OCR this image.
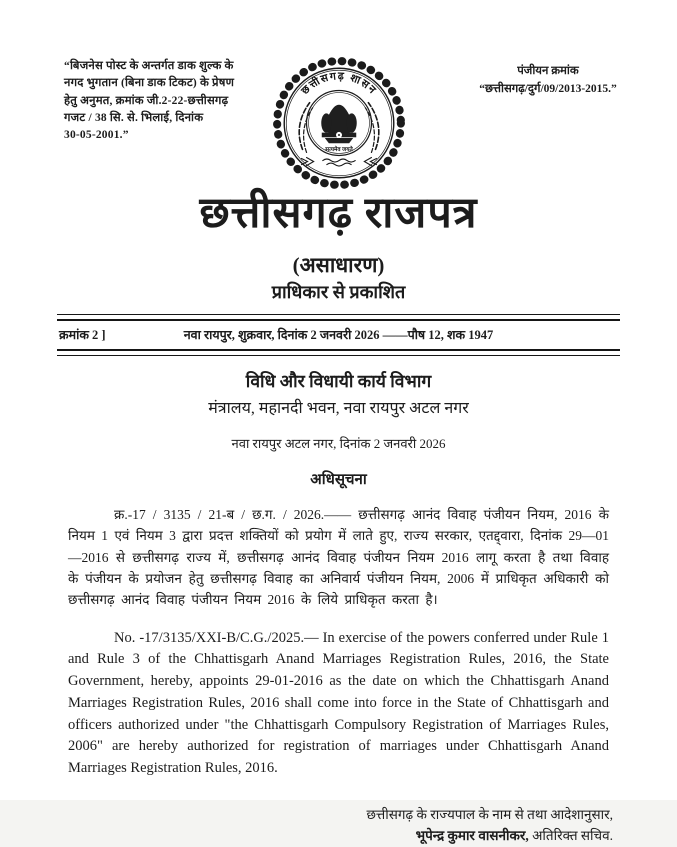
“बिजनेस पोस्ट के अन्तर्गत डाक शुल्क के
नगद भुगतान (बिना डाक टिकट) के प्रेषण
हेतु अनुमत, क्रमांक जी.2-22-छत्तीसगढ़
गजट / 38 सि. से. भिलाई, दिनांक
30-05-2001.”
पंजीयन क्रमांक
“छत्तीसगढ़/दुर्ग/09/2013-2015.”
छत्तीसगढ़ शासन
सत्यमेव जयते
छत्तीसगढ़ राजपत्र
(असाधारण)
प्राधिकार से प्रकाशित
क्रमांक 2 ]	नवा रायपुर, शुक्रवार, दिनांक 2 जनवरी 2026 ——पौष 12, शक 1947
विधि और विधायी कार्य विभाग
मंत्रालय, महानदी भवन, नवा रायपुर अटल नगर
नवा रायपुर अटल नगर, दिनांक 2 जनवरी 2026
अधिसूचना

क्र.-17 / 3135 / 21-ब / छ.ग. / 2026.—— छत्तीसगढ़ आनंद विवाह पंजीयन नियम, 2016 के नियम 1 एवं नियम 3 द्वारा प्रदत्त शक्तियों को प्रयोग में लाते हुए, राज्य सरकार, एतद्द्वारा, दिनांक 29—01—2016 से छत्तीसगढ़ राज्य में, छत्तीसगढ़ आनंद विवाह पंजीयन नियम 2016 लागू करता है तथा विवाह के पंजीयन के प्रयोजन हेतु छत्तीसगढ़ विवाह का अनिवार्य पंजीयन नियम, 2006 में प्राधिकृत अधिकारी को छत्तीसगढ़ आनंद विवाह पंजीयन नियम 2016 के लिये प्राधिकृत करता है।

No. -17/3135/XXI-B/C.G./2025.— In exercise of the powers conferred under Rule 1 and Rule 3 of the Chhattisgarh Anand Marriages Registration Rules, 2016, the State Government, hereby, appoints 29-01-2016 as the date on which the Chhattisgarh Anand Marriages Registration Rules, 2016 shall come into force in the State of Chhattisgarh and officers authorized under "the Chhattisgarh Compulsory Registration of Marriages Rules, 2006" are hereby authorized for registration of marriages under Chhattisgarh Anand Marriages Registration Rules, 2016.

छत्तीसगढ़ के राज्यपाल के नाम से तथा आदेशानुसार,
भूपेन्द्र कुमार वासनीकर, अतिरिक्त सचिव.
